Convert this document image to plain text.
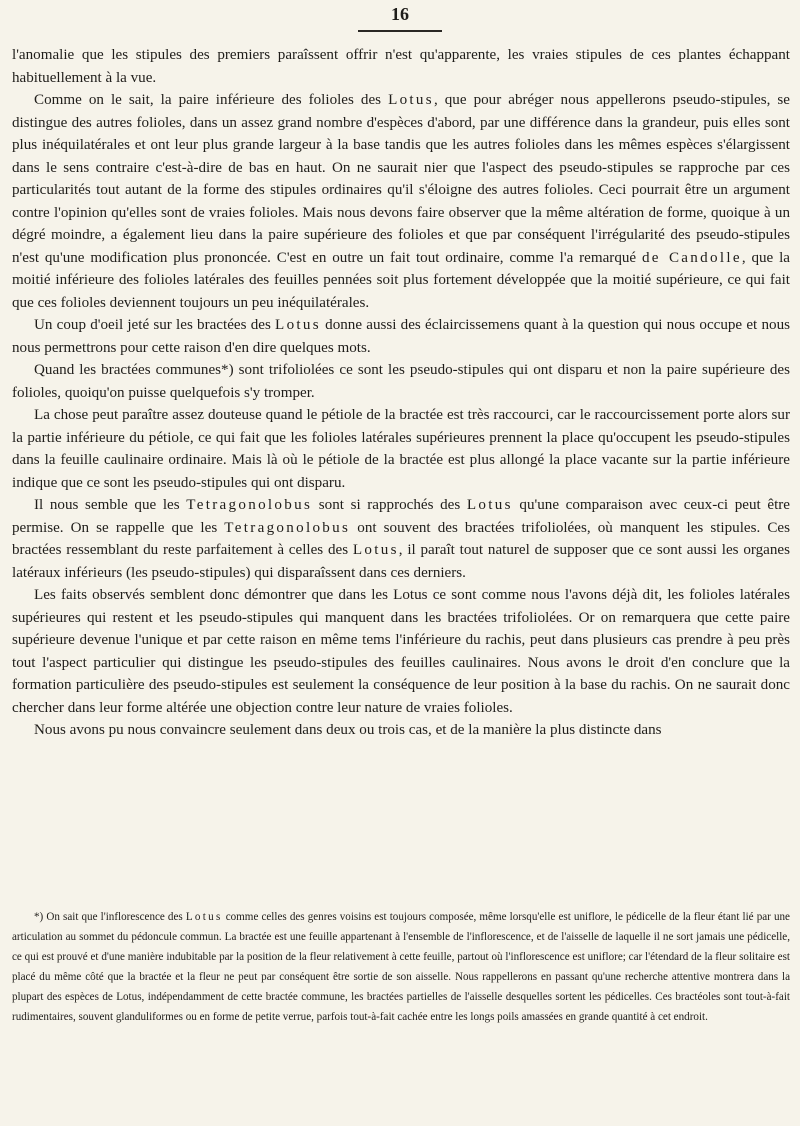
16

l'anomalie que les stipules des premiers paraîssent offrir n'est qu'apparente, les vraies stipules de ces plantes échappant habituellement à la vue.

Comme on le sait, la paire inférieure des folioles des Lotus, que pour abréger nous appellerons pseudo-stipules, se distingue des autres folioles, dans un assez grand nombre d'espèces d'abord, par une différence dans la grandeur, puis elles sont plus inéquilatérales et ont leur plus grande largeur à la base tandis que les autres folioles dans les mêmes espèces s'élargissent dans le sens contraire c'est-à-dire de bas en haut. On ne saurait nier que l'aspect des pseudo-stipules se rapproche par ces particularités tout autant de la forme des stipules ordinaires qu'il s'éloigne des autres folioles. Ceci pourrait être un argument contre l'opinion qu'elles sont de vraies folioles. Mais nous devons faire observer que la même altération de forme, quoique à un dégré moindre, a également lieu dans la paire supérieure des folioles et que par conséquent l'irrégularité des pseudo-stipules n'est qu'une modification plus prononcée. C'est en outre un fait tout ordinaire, comme l'a remarqué de Candolle, que la moitié inférieure des folioles latérales des feuilles pennées soit plus fortement développée que la moitié supérieure, ce qui fait que ces folioles deviennent toujours un peu inéquilatérales.

Un coup d'oeil jeté sur les bractées des Lotus donne aussi des éclaircissemens quant à la question qui nous occupe et nous nous permettrons pour cette raison d'en dire quelques mots.

Quand les bractées communes*) sont trifoliolées ce sont les pseudo-stipules qui ont disparu et non la paire supérieure des folioles, quoiqu'on puisse quelquefois s'y tromper.

La chose peut paraître assez douteuse quand le pétiole de la bractée est très raccourci, car le raccourcissement porte alors sur la partie inférieure du pétiole, ce qui fait que les folioles latérales supérieures prennent la place qu'occupent les pseudo-stipules dans la feuille caulinaire ordinaire. Mais là où le pétiole de la bractée est plus allongé la place vacante sur la partie inférieure indique que ce sont les pseudo-stipules qui ont disparu.

Il nous semble que les Tetragonolobus sont si rapprochés des Lotus qu'une comparaison avec ceux-ci peut être permise. On se rappelle que les Tetragonolobus ont souvent des bractées trifoliolées, où manquent les stipules. Ces bractées ressemblant du reste parfaitement à celles des Lotus, il paraît tout naturel de supposer que ce sont aussi les organes latéraux inférieurs (les pseudo-stipules) qui disparaîssent dans ces derniers.

Les faits observés semblent donc démontrer que dans les Lotus ce sont comme nous l'avons déjà dit, les folioles latérales supérieures qui restent et les pseudo-stipules qui manquent dans les bractées trifoliolées. Or on remarquera que cette paire supérieure devenue l'unique et par cette raison en même tems l'inférieure du rachis, peut dans plusieurs cas prendre à peu près tout l'aspect particulier qui distingue les pseudo-stipules des feuilles caulinaires. Nous avons le droit d'en conclure que la formation particulière des pseudo-stipules est seulement la conséquence de leur position à la base du rachis. On ne saurait donc chercher dans leur forme altérée une objection contre leur nature de vraies folioles.

Nous avons pu nous convaincre seulement dans deux ou trois cas, et de la manière la plus distincte dans

*) On sait que l'inflorescence des Lotus comme celles des genres voisins est toujours composée, même lorsqu'elle est uniflore, le pédicelle de la fleur étant lié par une articulation au sommet du pédoncule commun. La bractée est une feuille appartenant à l'ensemble de l'inflorescence, et de l'aisselle de laquelle il ne sort jamais une pédicelle, ce qui est prouvé et d'une manière indubitable par la position de la fleur relativement à cette feuille, partout où l'inflorescence est uniflore; car l'étendard de la fleur solitaire est placé du même côté que la bractée et la fleur ne peut par conséquent être sortie de son aisselle. Nous rappellerons en passant qu'une recherche attentive montrera dans la plupart des espèces de Lotus, indépendamment de cette bractée commune, les bractées partielles de l'aisselle desquelles sortent les pédicelles. Ces bractéoles sont tout-à-fait rudimentaires, souvent glanduliformes ou en forme de petite verrue, parfois tout-à-fait cachée entre les longs poils amassées en grande quantité à cet endroit.
